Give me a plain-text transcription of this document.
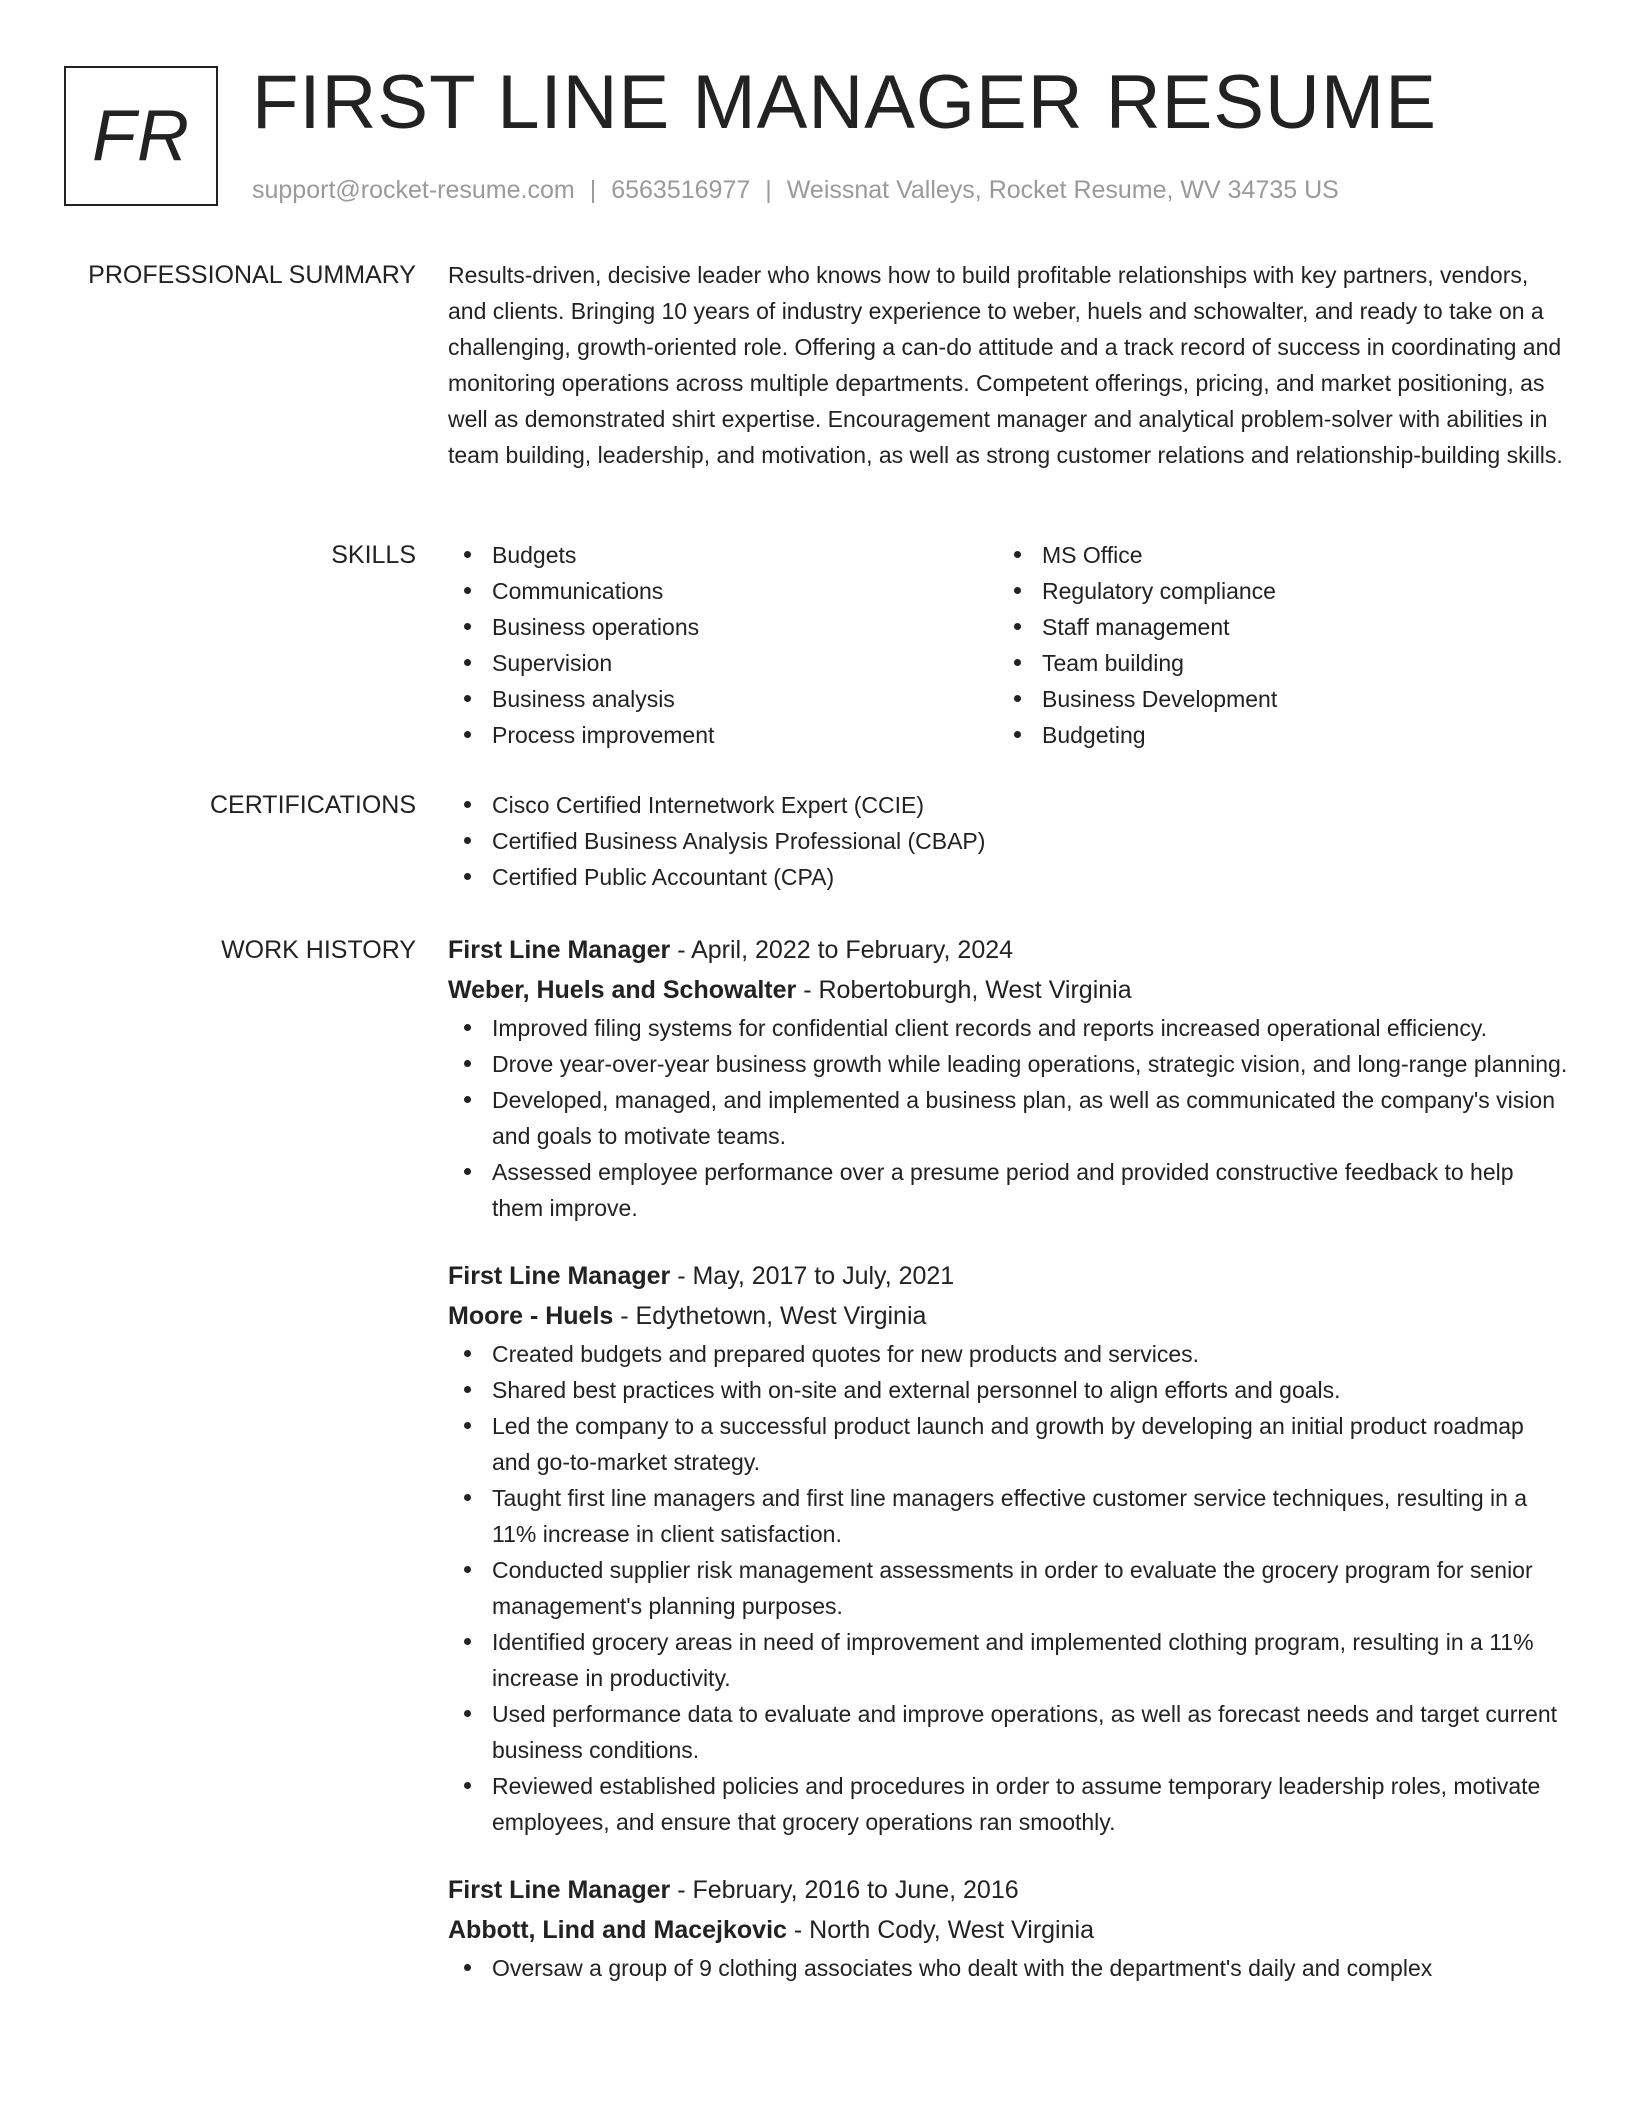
FR FIRST LINE MANAGER RESUME
support@rocket-resume.com | 6563516977 | Weissnat Valleys, Rocket Resume, WV 34735 US
PROFESSIONAL SUMMARY Results-driven, decisive leader who knows how to build profitable relationships with key partners, vendors, and clients. Bringing 10 years of industry experience to weber, huels and schowalter, and ready to take on a challenging, growth-oriented role. Offering a can-do attitude and a track record of success in coordinating and monitoring operations across multiple departments. Competent offerings, pricing, and market positioning, as well as demonstrated shirt expertise. Encouragement manager and analytical problem-solver with abilities in team building, leadership, and motivation, as well as strong customer relations and relationship-building skills.

SKILLS	Budgets
Communications
Business operations
Supervision
Business analysis
Process improvement
MS Office
Regulatory compliance
Staff management
Team building
Business Development
Budgeting
CERTIFICATIONS	Cisco Certified Internetwork Expert (CCIE)
Certified Business Analysis Professional (CBAP)
Certified Public Accountant (CPA)
WORK HISTORY First Line Manager - April, 2022 to February, 2024
Weber, Huels and Schowalter - Robertoburgh, West Virginia
Improved filing systems for confidential client records and reports increased operational efficiency.
Drove year-over-year business growth while leading operations, strategic vision, and long-range planning.
Developed, managed, and implemented a business plan, as well as communicated the company's vision and goals to motivate teams.
Assessed employee performance over a presume period and provided constructive feedback to help them improve.
First Line Manager - May, 2017 to July, 2021
Moore - Huels - Edythetown, West Virginia
Created budgets and prepared quotes for new products and services.
Shared best practices with on-site and external personnel to align efforts and goals.
Led the company to a successful product launch and growth by developing an initial product roadmap and go-to-market strategy.
Taught first line managers and first line managers effective customer service techniques, resulting in a 11% increase in client satisfaction.
Conducted supplier risk management assessments in order to evaluate the grocery program for senior management's planning purposes.
Identified grocery areas in need of improvement and implemented clothing program, resulting in a 11% increase in productivity.
Used performance data to evaluate and improve operations, as well as forecast needs and target current business conditions.
Reviewed established policies and procedures in order to assume temporary leadership roles, motivate employees, and ensure that grocery operations ran smoothly.
First Line Manager - February, 2016 to June, 2016
Abbott, Lind and Macejkovic - North Cody, West Virginia
Oversaw a group of 9 clothing associates who dealt with the department's daily and complex
